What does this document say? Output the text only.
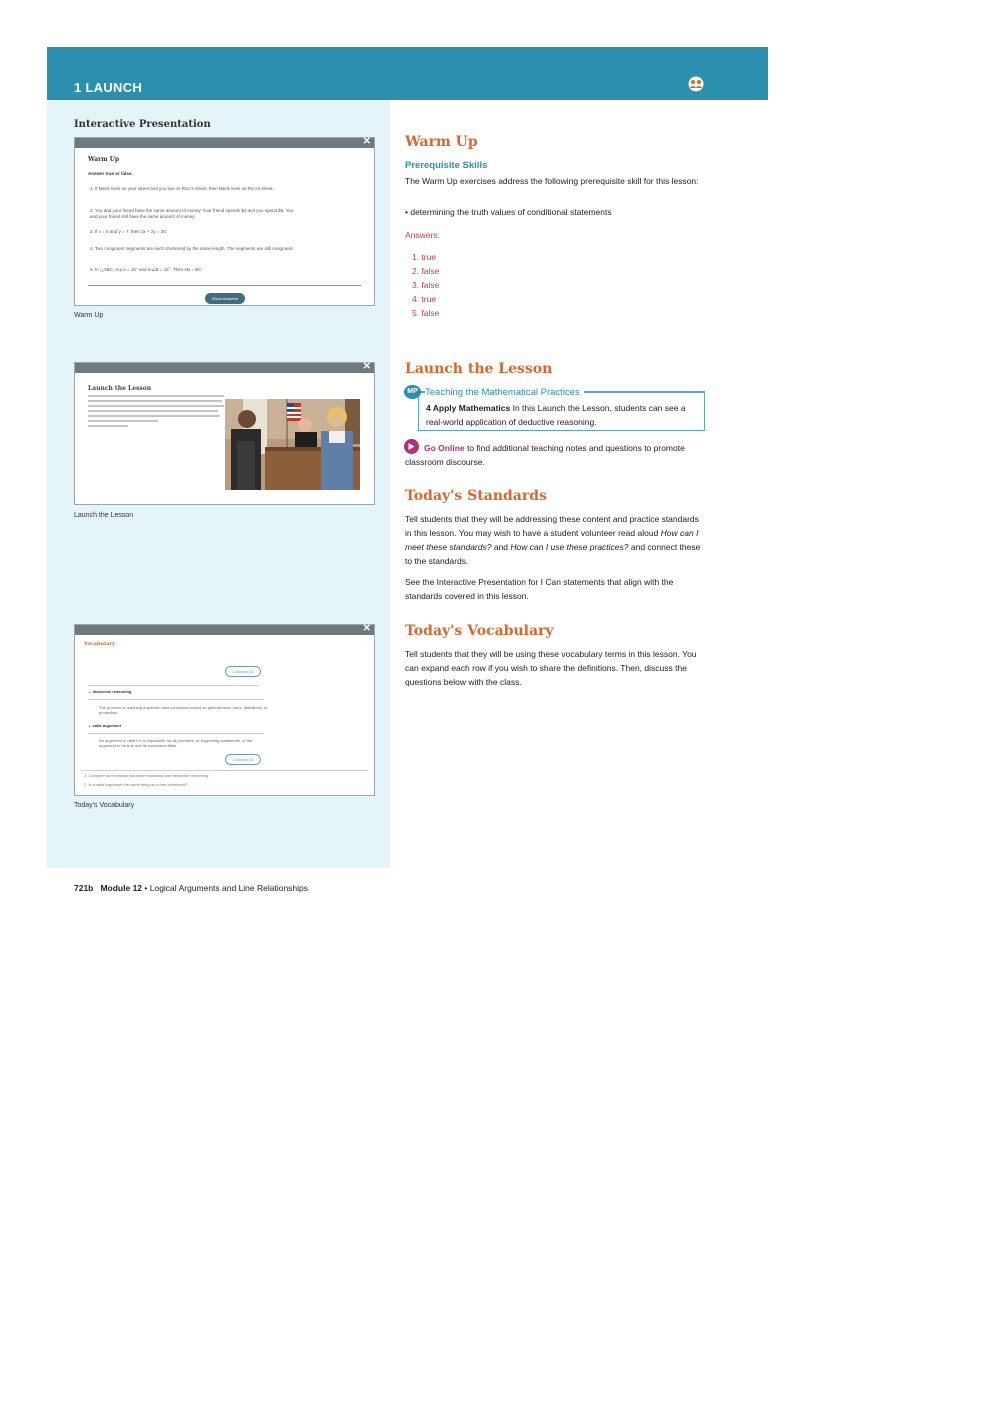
1 LAUNCH
Interactive Presentation
✕
Warm Up
Answer true or false.
1. If Merle lives on your street and you live on Rico's street, then Merle lives on Rico's street.
2. You and your friend have the same amount of money. Your friend spends $4 and you spend $5. You and your friend still have the same amount of money.
3. If x = 5 and y = 7, then 3x + 2y = 30.
4. Two congruent segments are each shortened by the same length. The segments are still congruent.
5. In △ABC, m∠A = 15° and m∠B = 15°. Then AB = BC.
Show Answers
Warm Up
✕
Launch the Lesson
Launch the Lesson
✕
Vocabulary
Collapse All
⌄ deductive reasoning
The process of reaching a specific valid conclusion based on general facts, rules, definitions, or properties.
⌄ valid argument
An argument is valid if it is impossible for all premises, or supporting statements, of the argument to be true and its conclusion false.
Collapse All
1. Compare and contrast inductive reasoning and deductive reasoning.
2. Is a valid argument the same thing as a true statement?
Today's Vocabulary
Warm Up
Prerequisite Skills
The Warm Up exercises address the following prerequisite skill for this lesson:
• determining the truth values of conditional statements
Answers:
1. true
2. false
3. false
4. true
5. false
Launch the Lesson
MP Teaching the Mathematical Practices
4 Apply Mathematics In this Launch the Lesson, students can see a real-world application of deductive reasoning.
Go Online to find additional teaching notes and questions to promote classroom discourse.
Today's Standards
Tell students that they will be addressing these content and practice standards in this lesson. You may wish to have a student volunteer read aloud How can I meet these standards? and How can I use these practices? and connect these to the standards.
See the Interactive Presentation for I Can statements that align with the standards covered in this lesson.
Today's Vocabulary
Tell students that they will be using these vocabulary terms in this lesson. You can expand each row if you wish to share the definitions. Then, discuss the questions below with the class.
721b Module 12 • Logical Arguments and Line Relationships
